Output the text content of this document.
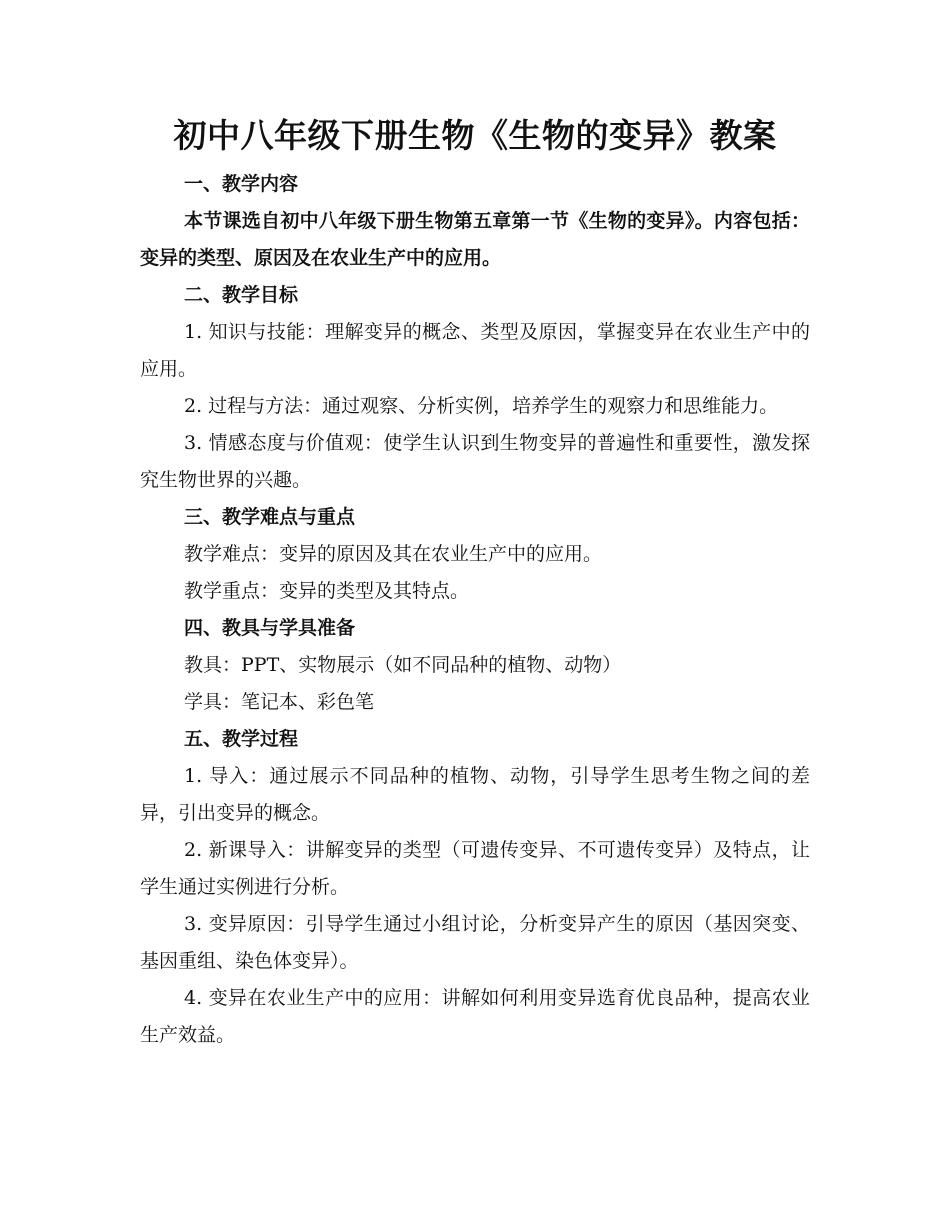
初中八年级下册生物《生物的变异》教案

一、教学内容

本节课选自初中八年级下册生物第五章第一节《生物的变异》。内容包括：变异的类型、原因及在农业生产中的应用。

二、教学目标

1. 知识与技能：理解变异的概念、类型及原因，掌握变异在农业生产中的应用。

2. 过程与方法：通过观察、分析实例，培养学生的观察力和思维能力。

3. 情感态度与价值观：使学生认识到生物变异的普遍性和重要性，激发探究生物世界的兴趣。

三、教学难点与重点

教学难点：变异的原因及其在农业生产中的应用。

教学重点：变异的类型及其特点。

四、教具与学具准备

教具：PPT、实物展示（如不同品种的植物、动物）

学具：笔记本、彩色笔

五、教学过程

1. 导入：通过展示不同品种的植物、动物，引导学生思考生物之间的差异，引出变异的概念。

2. 新课导入：讲解变异的类型（可遗传变异、不可遗传变异）及特点，让学生通过实例进行分析。

3. 变异原因：引导学生通过小组讨论，分析变异产生的原因（基因突变、基因重组、染色体变异）。

4. 变异在农业生产中的应用：讲解如何利用变异选育优良品种，提高农业生产效益。
